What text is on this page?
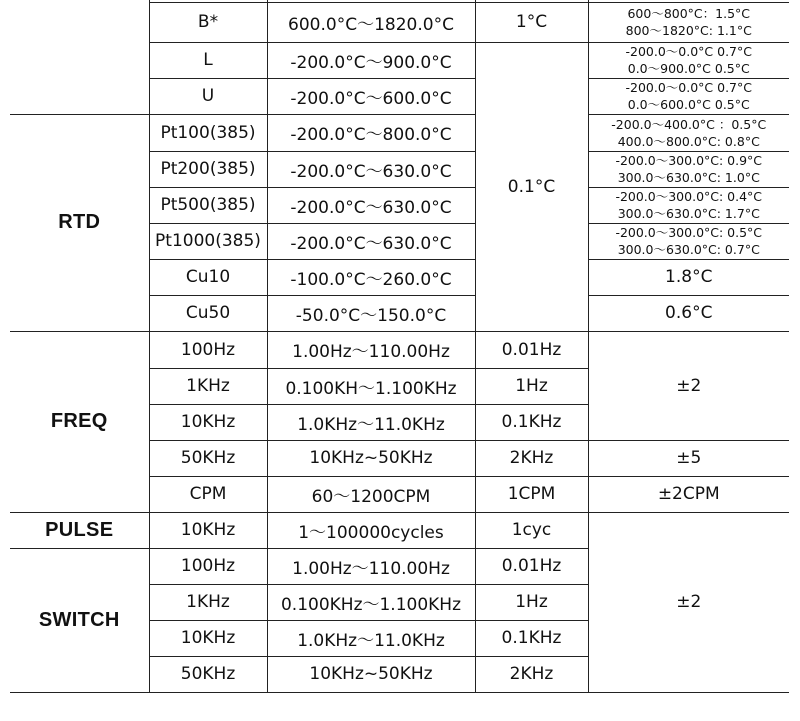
	B*	600.0°C～1820.0°C	1°C	600～800°C：1.5°C
800～1820°C: 1.1°C

	L	-200.0°C～900.0°C	0.1°C	-200.0～0.0°C 0.7°C
0.0～900.0°C 0.5°C

	U	-200.0°C～600.0°C		-200.0～0.0°C 0.7°C
0.0～600.0°C 0.5°C

RTD	Pt100(385)	-200.0°C～800.0°C		-200.0～400.0°C ：0.5°C
400.0～800.0°C: 0.8°C

	Pt200(385)	-200.0°C～630.0°C		-200.0～300.0°C: 0.9°C
300.0～630.0°C: 1.0°C

	Pt500(385)	-200.0°C～630.0°C		-200.0～300.0°C: 0.4°C
300.0～630.0°C: 1.7°C

	Pt1000(385)	-200.0°C～630.0°C		-200.0～300.0°C: 0.5°C
300.0～630.0°C: 0.7°C

	Cu10	-100.0°C～260.0°C		1.8°C
	Cu50	-50.0°C～150.0°C		0.6°C
FREQ	100Hz	1.00Hz～110.00Hz	0.01Hz	±2
	1KHz	0.100KH～1.100KHz	1Hz	
	10KHz	1.0KHz～11.0KHz	0.1KHz	
	50KHz	10KHz~50KHz	2KHz	±5
	CPM	60～1200CPM	1CPM	±2CPM
PULSE	10KHz	1～100000cycles	1cyc	±2
SWITCH	100Hz	1.00Hz～110.00Hz	0.01Hz	
	1KHz	0.100KHz～1.100KHz	1Hz	
	10KHz	1.0KHz～11.0KHz	0.1KHz	
	50KHz	10KHz~50KHz	2KHz	
